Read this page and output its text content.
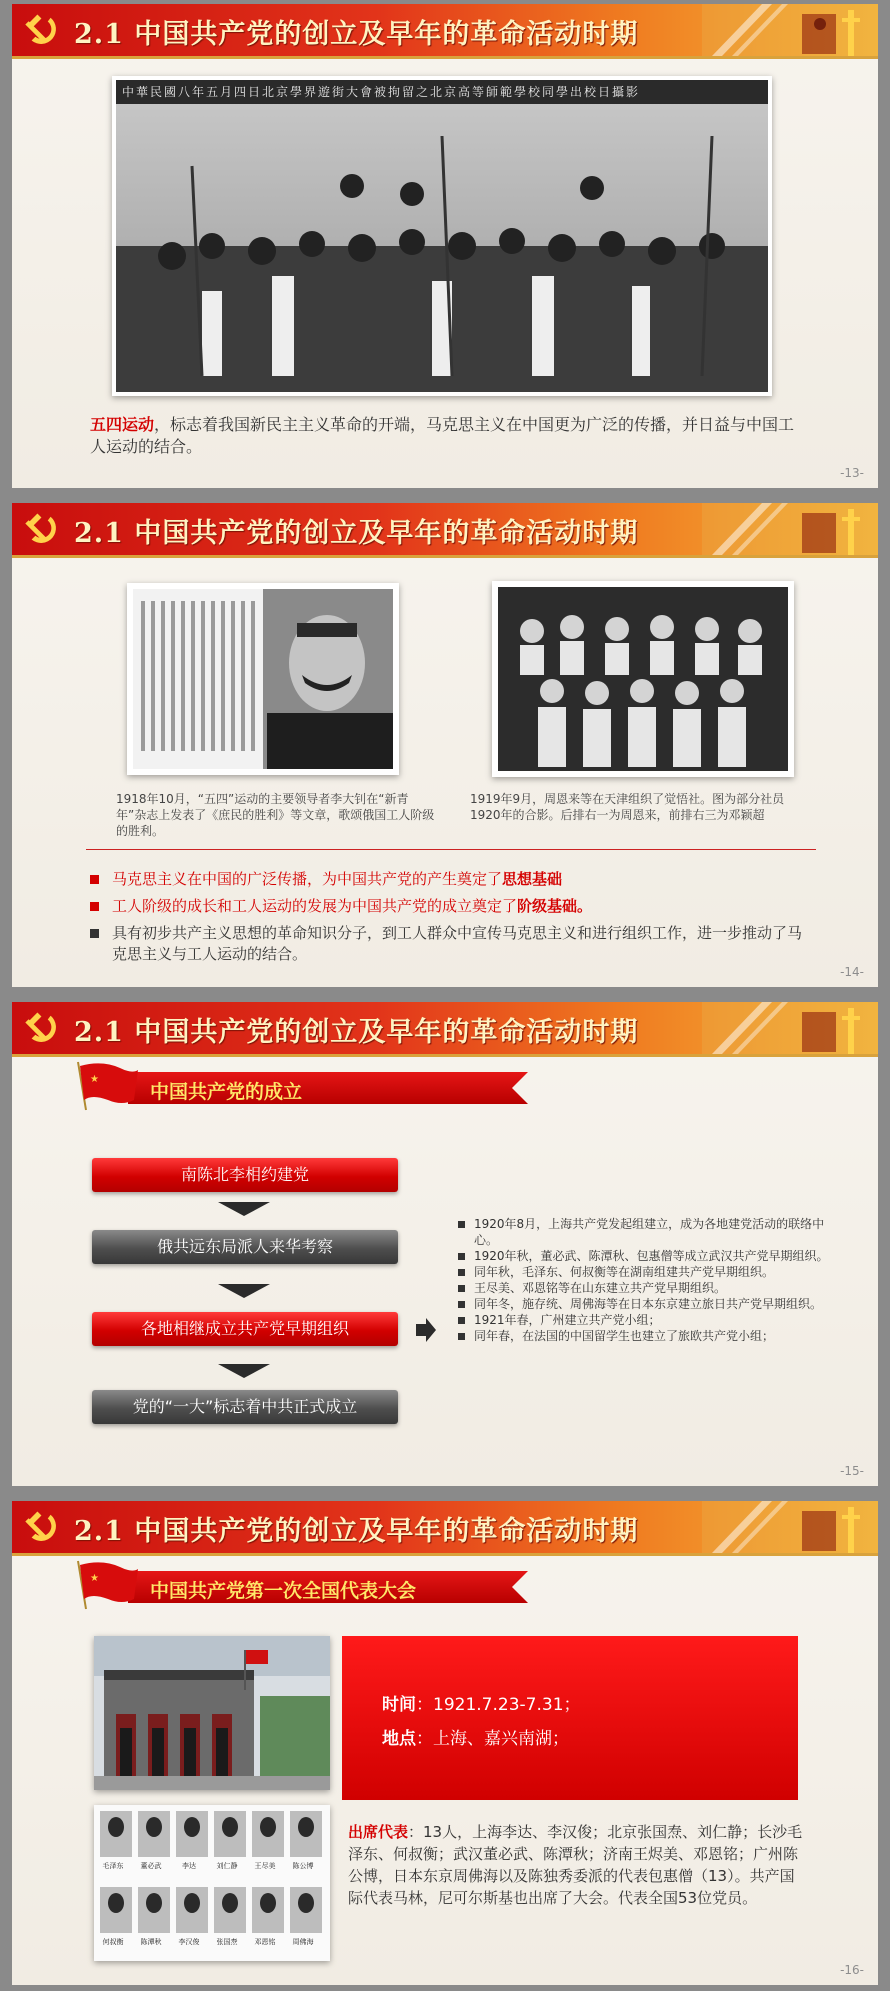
2.1 中国共产党的创立及早年的革命活动时期
中華民國八年五月四日北京學界遊街大會被拘留之北京高等師範學校同學出校日攝影
五四运动，标志着我国新民主主义革命的开端，马克思主义在中国更为广泛的传播，并日益与中国工人运动的结合。
-13-
2.1 中国共产党的创立及早年的革命活动时期
1918年10月，“五四”运动的主要领导者李大钊在“新青年”杂志上发表了《庶民的胜利》等文章，歌颂俄国工人阶级的胜利。
1919年9月，周恩来等在天津组织了觉悟社。图为部分社员1920年的合影。后排右一为周恩来，前排右三为邓颖超
马克思主义在中国的广泛传播，为中国共产党的产生奠定了思想基础
工人阶级的成长和工人运动的发展为中国共产党的成立奠定了阶级基础。
具有初步共产主义思想的革命知识分子，到工人群众中宣传马克思主义和进行组织工作，进一步推动了马克思主义与工人运动的结合。
-14-
2.1 中国共产党的创立及早年的革命活动时期
★
中国共产党的成立
南陈北李相约建党
俄共远东局派人来华考察
各地相继成立共产党早期组织
党的“一大”标志着中共正式成立
1920年8月，上海共产党发起组建立，成为各地建党活动的联络中心。
1920年秋，董必武、陈潭秋、包惠僧等成立武汉共产党早期组织。
同年秋，毛泽东、何叔衡等在湖南组建共产党早期组织。
王尽美、邓恩铭等在山东建立共产党早期组织。
同年冬，施存统、周佛海等在日本东京建立旅日共产党早期组织。
1921年春，广州建立共产党小组；
同年春，在法国的中国留学生也建立了旅欧共产党小组；
-15-
2.1 中国共产党的创立及早年的革命活动时期
★
中国共产党第一次全国代表大会
时间：1921.7.23-7.31；
地点：上海、嘉兴南湖；
毛泽东	董必武	李达	刘仁静	王尽美	陈公博
何叔衡	陈潭秋	李汉俊	张国焘	邓恩铭	周佛海
出席代表：13人，上海李达、李汉俊；北京张国焘、刘仁静；长沙毛泽东、何叔衡；武汉董必武、陈潭秋；济南王烬美、邓恩铭；广州陈公博，日本东京周佛海以及陈独秀委派的代表包惠僧（13）。共产国际代表马林，尼可尔斯基也出席了大会。代表全国53位党员。
-16-
